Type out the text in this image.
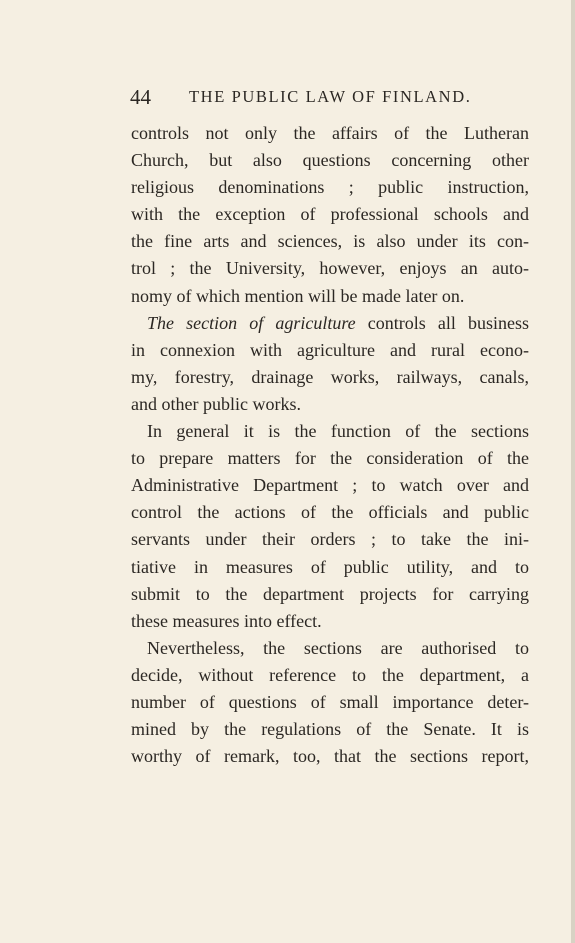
44 THE PUBLIC LAW OF FINLAND.
controls not only the affairs of the Lutheran
Church, but also questions concerning other
religious denominations ; public instruction,
with the exception of professional schools and
the fine arts and sciences, is also under its con-
trol ; the University, however, enjoys an auto-
nomy of which mention will be made later on.
The section of agriculture controls all business
in connexion with agriculture and rural econo-
my, forestry, drainage works, railways, canals,
and other public works.
In general it is the function of the sections
to prepare matters for the consideration of the
Administrative Department ; to watch over and
control the actions of the officials and public
servants under their orders ; to take the ini-
tiative in measures of public utility, and to
submit to the department projects for carrying
these measures into effect.
Nevertheless, the sections are authorised to
decide, without reference to the department, a
number of questions of small importance deter-
mined by the regulations of the Senate. It is
worthy of remark, too, that the sections report,
